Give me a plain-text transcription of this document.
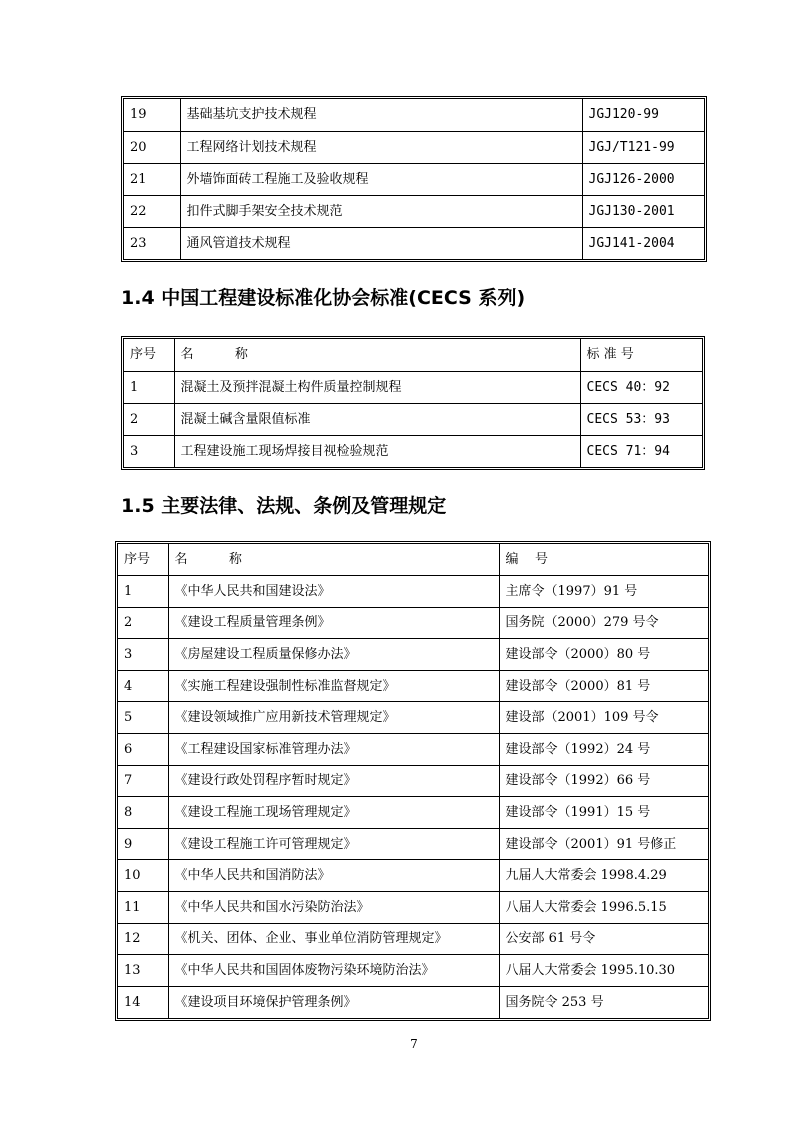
19	基础基坑支护技术规程	JGJ120-99
20	工程网络计划技术规程	JGJ/T121-99
21	外墙饰面砖工程施工及验收规程	JGJ126-2000
22	扣件式脚手架安全技术规范	JGJ130-2001
23	通风管道技术规程	JGJ141-2004
1.4 中国工程建设标准化协会标准(CECS 系列)
序号	名          称	标 准 号
1	混凝土及预拌混凝土构件质量控制规程	CECS 40：92
2	混凝土碱含量限值标准	CECS 53：93
3	工程建设施工现场焊接目视检验规范	CECS 71：94
1.5 主要法律、法规、条例及管理规定
序号	名          称	编    号
1	《中华人民共和国建设法》	主席令（1997）91 号
2	《建设工程质量管理条例》	国务院（2000）279 号令
3	《房屋建设工程质量保修办法》	建设部令（2000）80 号
4	《实施工程建设强制性标准监督规定》	建设部令（2000）81 号
5	《建设领域推广应用新技术管理规定》	建设部（2001）109 号令
6	《工程建设国家标准管理办法》	建设部令（1992）24 号
7	《建设行政处罚程序暂时规定》	建设部令（1992）66 号
8	《建设工程施工现场管理规定》	建设部令（1991）15 号
9	《建设工程施工许可管理规定》	建设部令（2001）91 号修正
10	《中华人民共和国消防法》	九届人大常委会 1998.4.29
11	《中华人民共和国水污染防治法》	八届人大常委会 1996.5.15
12	《机关、团体、企业、事业单位消防管理规定》	公安部 61 号令
13	《中华人民共和国固体废物污染环境防治法》	八届人大常委会 1995.10.30
14	《建设项目环境保护管理条例》	国务院令 253 号
7
